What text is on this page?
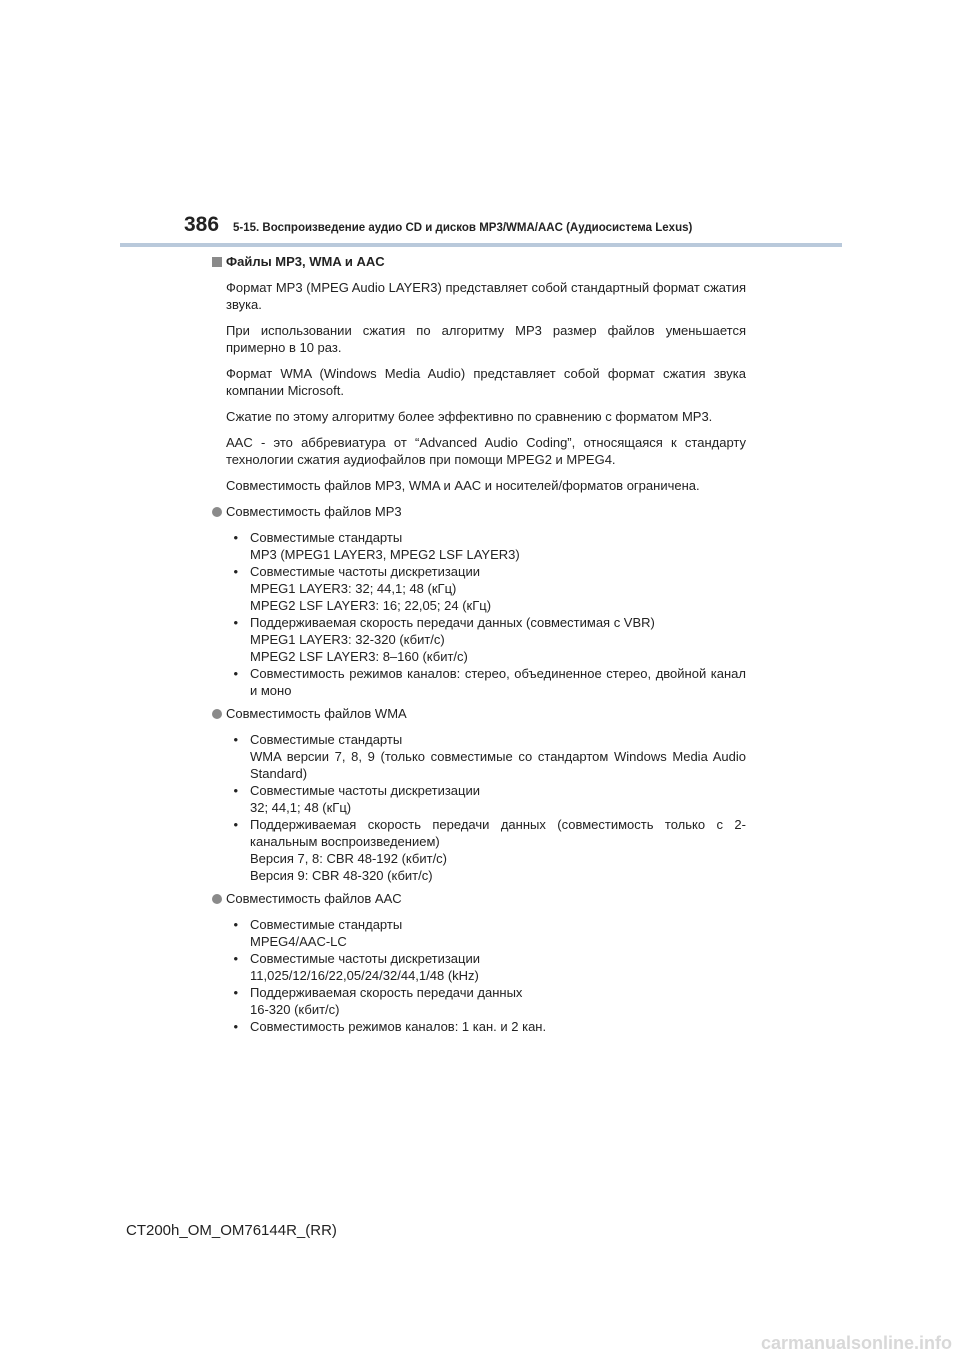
386 5-15. Воспроизведение аудио CD и дисков MP3/WMA/AAC (Аудиосистема Lexus)
Файлы MP3, WMA и AAC

Формат MP3 (MPEG Audio LAYER3) представляет собой стандартный формат сжатия звука.

При использовании сжатия по алгоритму MP3 размер файлов уменьшается примерно в 10 раз.

Формат WMA (Windows Media Audio) представляет собой формат сжатия звука компании Microsoft.

Сжатие по этому алгоритму более эффективно по сравнению с форматом MP3.

AAC - это аббревиатура от “Advanced Audio Coding”, относящаяся к стандарту технологии сжатия аудиофайлов при помощи MPEG2 и MPEG4.

Совместимость файлов MP3, WMA и AAC и носителей/форматов ограничена.

Совместимость файлов MP3
• Совместимые стандарты
MP3 (MPEG1 LAYER3, MPEG2 LSF LAYER3)
• Совместимые частоты дискретизации
MPEG1 LAYER3: 32; 44,1; 48 (кГц)
MPEG2 LSF LAYER3: 16; 22,05; 24 (кГц)
• Поддерживаемая скорость передачи данных (совместимая с VBR)
MPEG1 LAYER3: 32-320 (кбит/с)
MPEG2 LSF LAYER3: 8–160 (кбит/с)
• Совместимость режимов каналов: стерео, объединенное стерео, двойной канал и моно
Совместимость файлов WMA
• Совместимые стандарты
WMA версии 7, 8, 9 (только совместимые со стандартом Windows Media Audio Standard)
• Совместимые частоты дискретизации
32; 44,1; 48 (кГц)
• Поддерживаемая скорость передачи данных (совместимость только с 2-канальным воспроизведением)
Версия 7, 8: CBR 48-192 (кбит/с)
Версия 9: CBR 48-320 (кбит/с)
Совместимость файлов AAC
• Совместимые стандарты
MPEG4/AAC-LC
• Совместимые частоты дискретизации
11,025/12/16/22,05/24/32/44,1/48 (kHz)
• Поддерживаемая скорость передачи данных
16-320 (кбит/с)
• Совместимость режимов каналов: 1 кан. и 2 кан.
CT200h_OM_OM76144R_(RR)
carmanualsonline.info
